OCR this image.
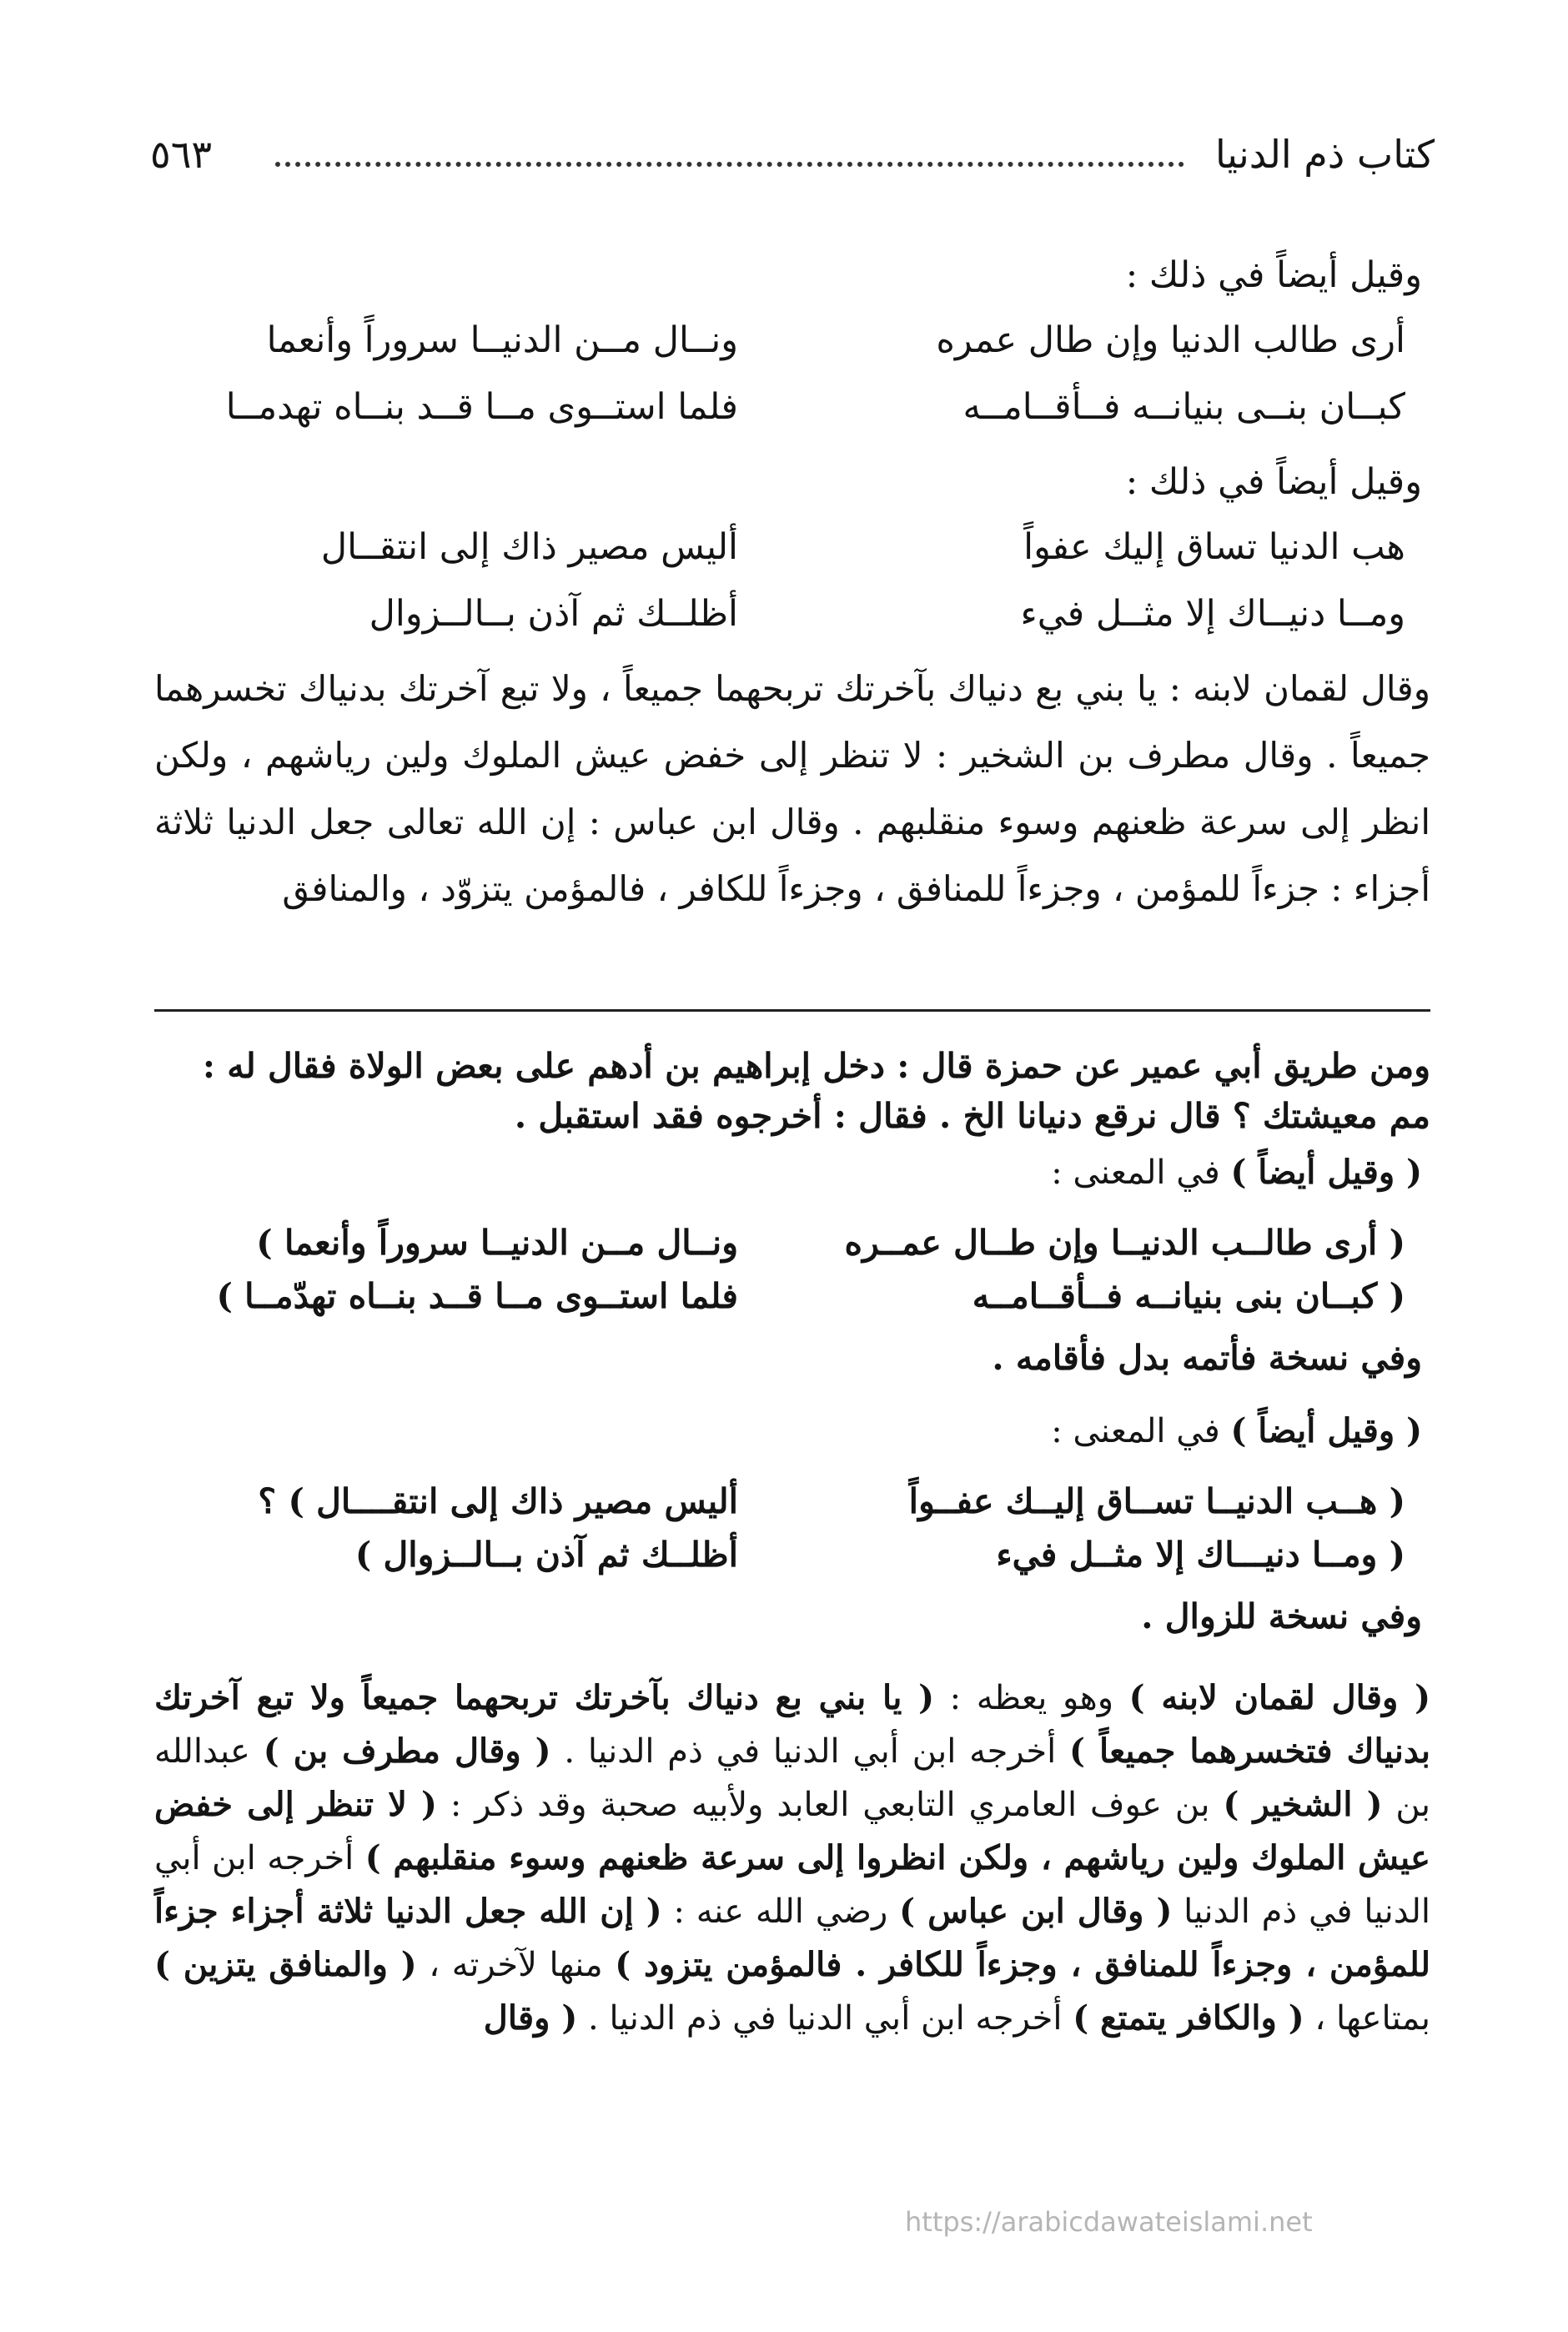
كتاب ذم الدنيا
٥٦٣
وقيل أيضاً في ذلك :
أرى طالب الدنيا وإن طال عمره
ونــال مــن الدنيــا سروراً وأنعما
كبــان بنــى بنيانــه فــأقــامــه
فلما استــوى مــا قــد بنــاه تهدمــا
وقيل أيضاً في ذلك :
هب الدنيا تساق إليك عفواً
أليس مصير ذاك إلى انتقــال
ومــا دنيــاك إلا مثــل فيء
أظلــك ثم آذن بــالــزوال
وقال لقمان لابنه : يا بني بع دنياك بآخرتك تربحهما جميعاً ، ولا تبع آخرتك بدنياك تخسرهما جميعاً . وقال مطرف بن الشخير : لا تنظر إلى خفض عيش الملوك ولين رياشهم ، ولكن انظر إلى سرعة ظعنهم وسوء منقلبهم . وقال ابن عباس : إن الله تعالى جعل الدنيا ثلاثة أجزاء : جزءاً للمؤمن ، وجزءاً للمنافق ، وجزءاً للكافر ، فالمؤمن يتزوّد ، والمنافق
ومن طريق أبي عمير عن حمزة قال : دخل إبراهيم بن أدهم على بعض الولاة فقال له : مم معيشتك ؟ قال نرقع دنيانا الخ . فقال : أخرجوه فقد استقبل .
( وقيل أيضاً ) في المعنى :
( أرى طالــب الدنيــا وإن طــال عمــره
ونــال مــن الدنيــا سروراً وأنعما )
( كبــان بنى بنيانــه فــأقــامــه
فلما استــوى مــا قــد بنــاه تهدّمــا )
وفي نسخة فأتمه بدل فأقامه .
( وقيل أيضاً ) في المعنى :
( هــب الدنيــا تســاق إليــك عفــواً
أليس مصير ذاك إلى انتقــــال ) ؟
( ومــا دنيـــاك إلا مثــل فيء
أظلــك ثم آذن بــالــزوال )
وفي نسخة للزوال .
( وقال لقمان لابنه ) وهو يعظه : ( يا بني بع دنياك بآخرتك تربحهما جميعاً ولا تبع آخرتك بدنياك فتخسرهما جميعاً ) أخرجه ابن أبي الدنيا في ذم الدنيا . ( وقال مطرف بن ) عبدالله بن ( الشخير ) بن عوف العامري التابعي العابد ولأبيه صحبة وقد ذكر : ( لا تنظر إلى خفض عيش الملوك ولين رياشهم ، ولكن انظروا إلى سرعة ظعنهم وسوء منقلبهم ) أخرجه ابن أبي الدنيا في ذم الدنيا ( وقال ابن عباس ) رضي الله عنه : ( إن الله جعل الدنيا ثلاثة أجزاء جزءاً للمؤمن ، وجزءاً للمنافق ، وجزءاً للكافر . فالمؤمن يتزود ) منها لآخرته ، ( والمنافق يتزين ) بمتاعها ، ( والكافر يتمتع ) أخرجه ابن أبي الدنيا في ذم الدنيا . ( وقال
https://arabicdawateislami.net
